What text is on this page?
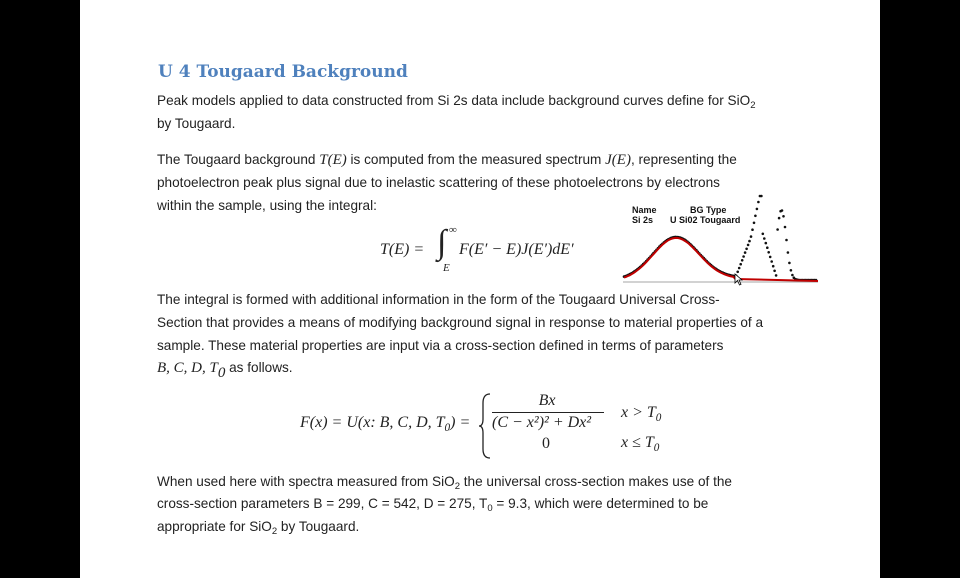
U 4 Tougaard Background

Peak models applied to data constructed from Si 2s data include background curves define for SiO$_2$

by Tougaard.

The Tougaard background T(E) is computed from the measured spectrum J(E), representing the

photoelectron peak plus signal due to inelastic scattering of these photoelectrons by electrons

within the sample, using the integral:

T(E) = ∫ ∞
E
F(E′ − E)J(E′)dE′
Name	BG Type
Si 2s U Si02 Tougaard

The integral is formed with additional information in the form of the Tougaard Universal Cross-

Section that provides a means of modifying background signal in response to material properties of a

sample. These material properties are input via a cross-section defined in terms of parameters

B, C, D, T0 as follows.

F(x) = U(x: B, C, D, $T_0$) =
Bx
(C − x²)² + Dx²
0
$x > T_0$
$x \le T_0$

When used here with spectra measured from SiO$_2$ the universal cross-section makes use of the

cross-section parameters B = 299, C = 542, D = 275, $T_0 = 9.3$, which were determined to be

appropriate for SiO$_2$ by Tougaard.
